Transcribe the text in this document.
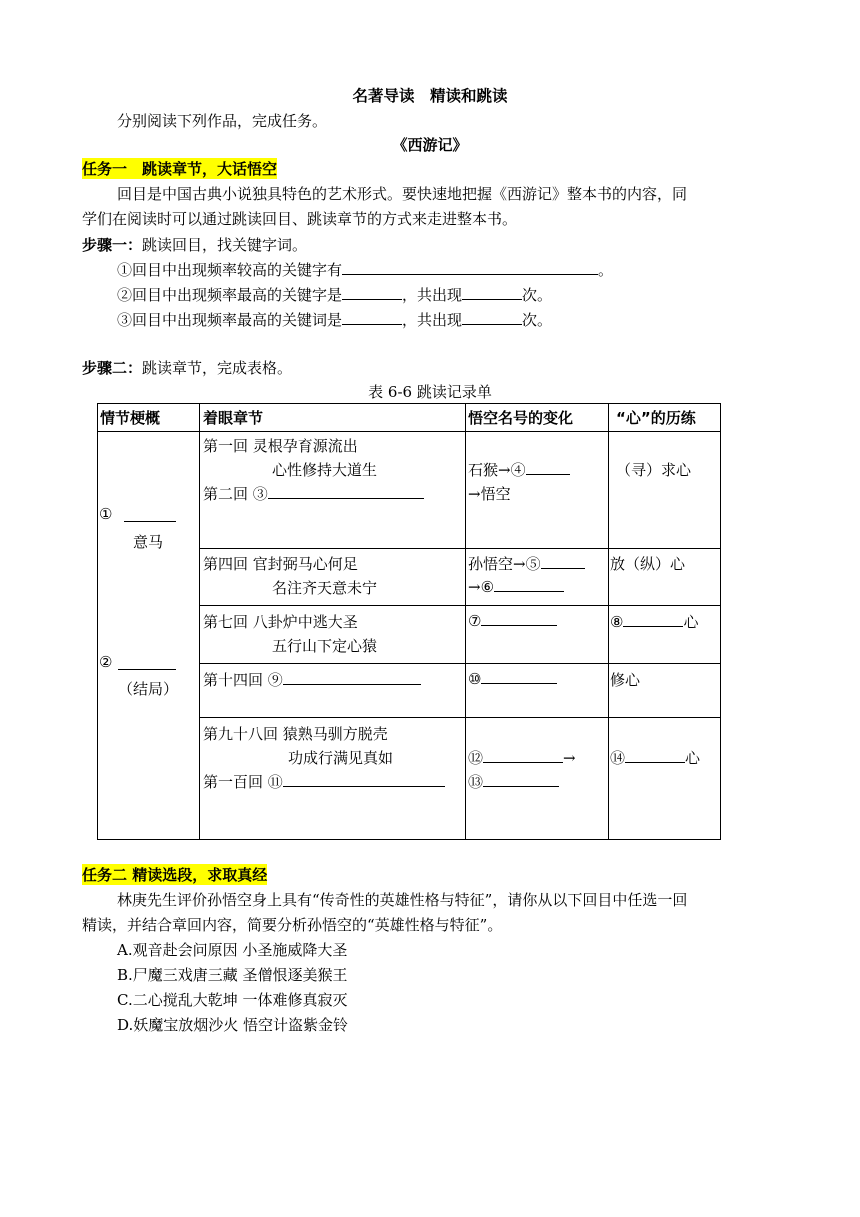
名著导读　精读和跳读
分别阅读下列作品，完成任务。
《西游记》
任务一　跳读章节，大话悟空
回目是中国古典小说独具特色的艺术形式。要快速地把握《西游记》整本书的内容，同
学们在阅读时可以通过跳读回目、跳读章节的方式来走进整本书。
步骤一：跳读回目，找关键字词。
①回目中出现频率较高的关键字有	。
②回目中出现频率最高的关键字是	，共出现	次。
③回目中出现频率最高的关键词是	，共出现	次。
步骤二：跳读章节，完成表格。
表 6-6 跳读记录单
情节梗概	着眼章节	悟空名号的变化	“心”的历练

①
意马
②
（结局）	第一回 灵根孕育源流出
心性修持大道生
第二回 ③	石猴→④
→悟空	（寻）求心

	第四回 官封弼马心何足
名注齐天意未宁	孙悟空→⑤
→⑥	放（纵）心

	第七回 八卦炉中逃大圣
五行山下定心猿	⑦	⑧ 心

	第十四回 ⑨	⑩	修心

	第九十八回 猿熟马驯方脱壳
功成行满见真如
第一百回 ⑪	⑫ →
⑬	⑭ 心
任务二 精读选段，求取真经
林庚先生评价孙悟空身上具有“传奇性的英雄性格与特征”，请你从以下回目中任选一回
精读，并结合章回内容，简要分析孙悟空的“英雄性格与特征”。
A.观音赴会问原因 小圣施威降大圣
B.尸魔三戏唐三藏 圣僧恨逐美猴王
C.二心搅乱大乾坤 一体难修真寂灭
D.妖魔宝放烟沙火 悟空计盗紫金铃
